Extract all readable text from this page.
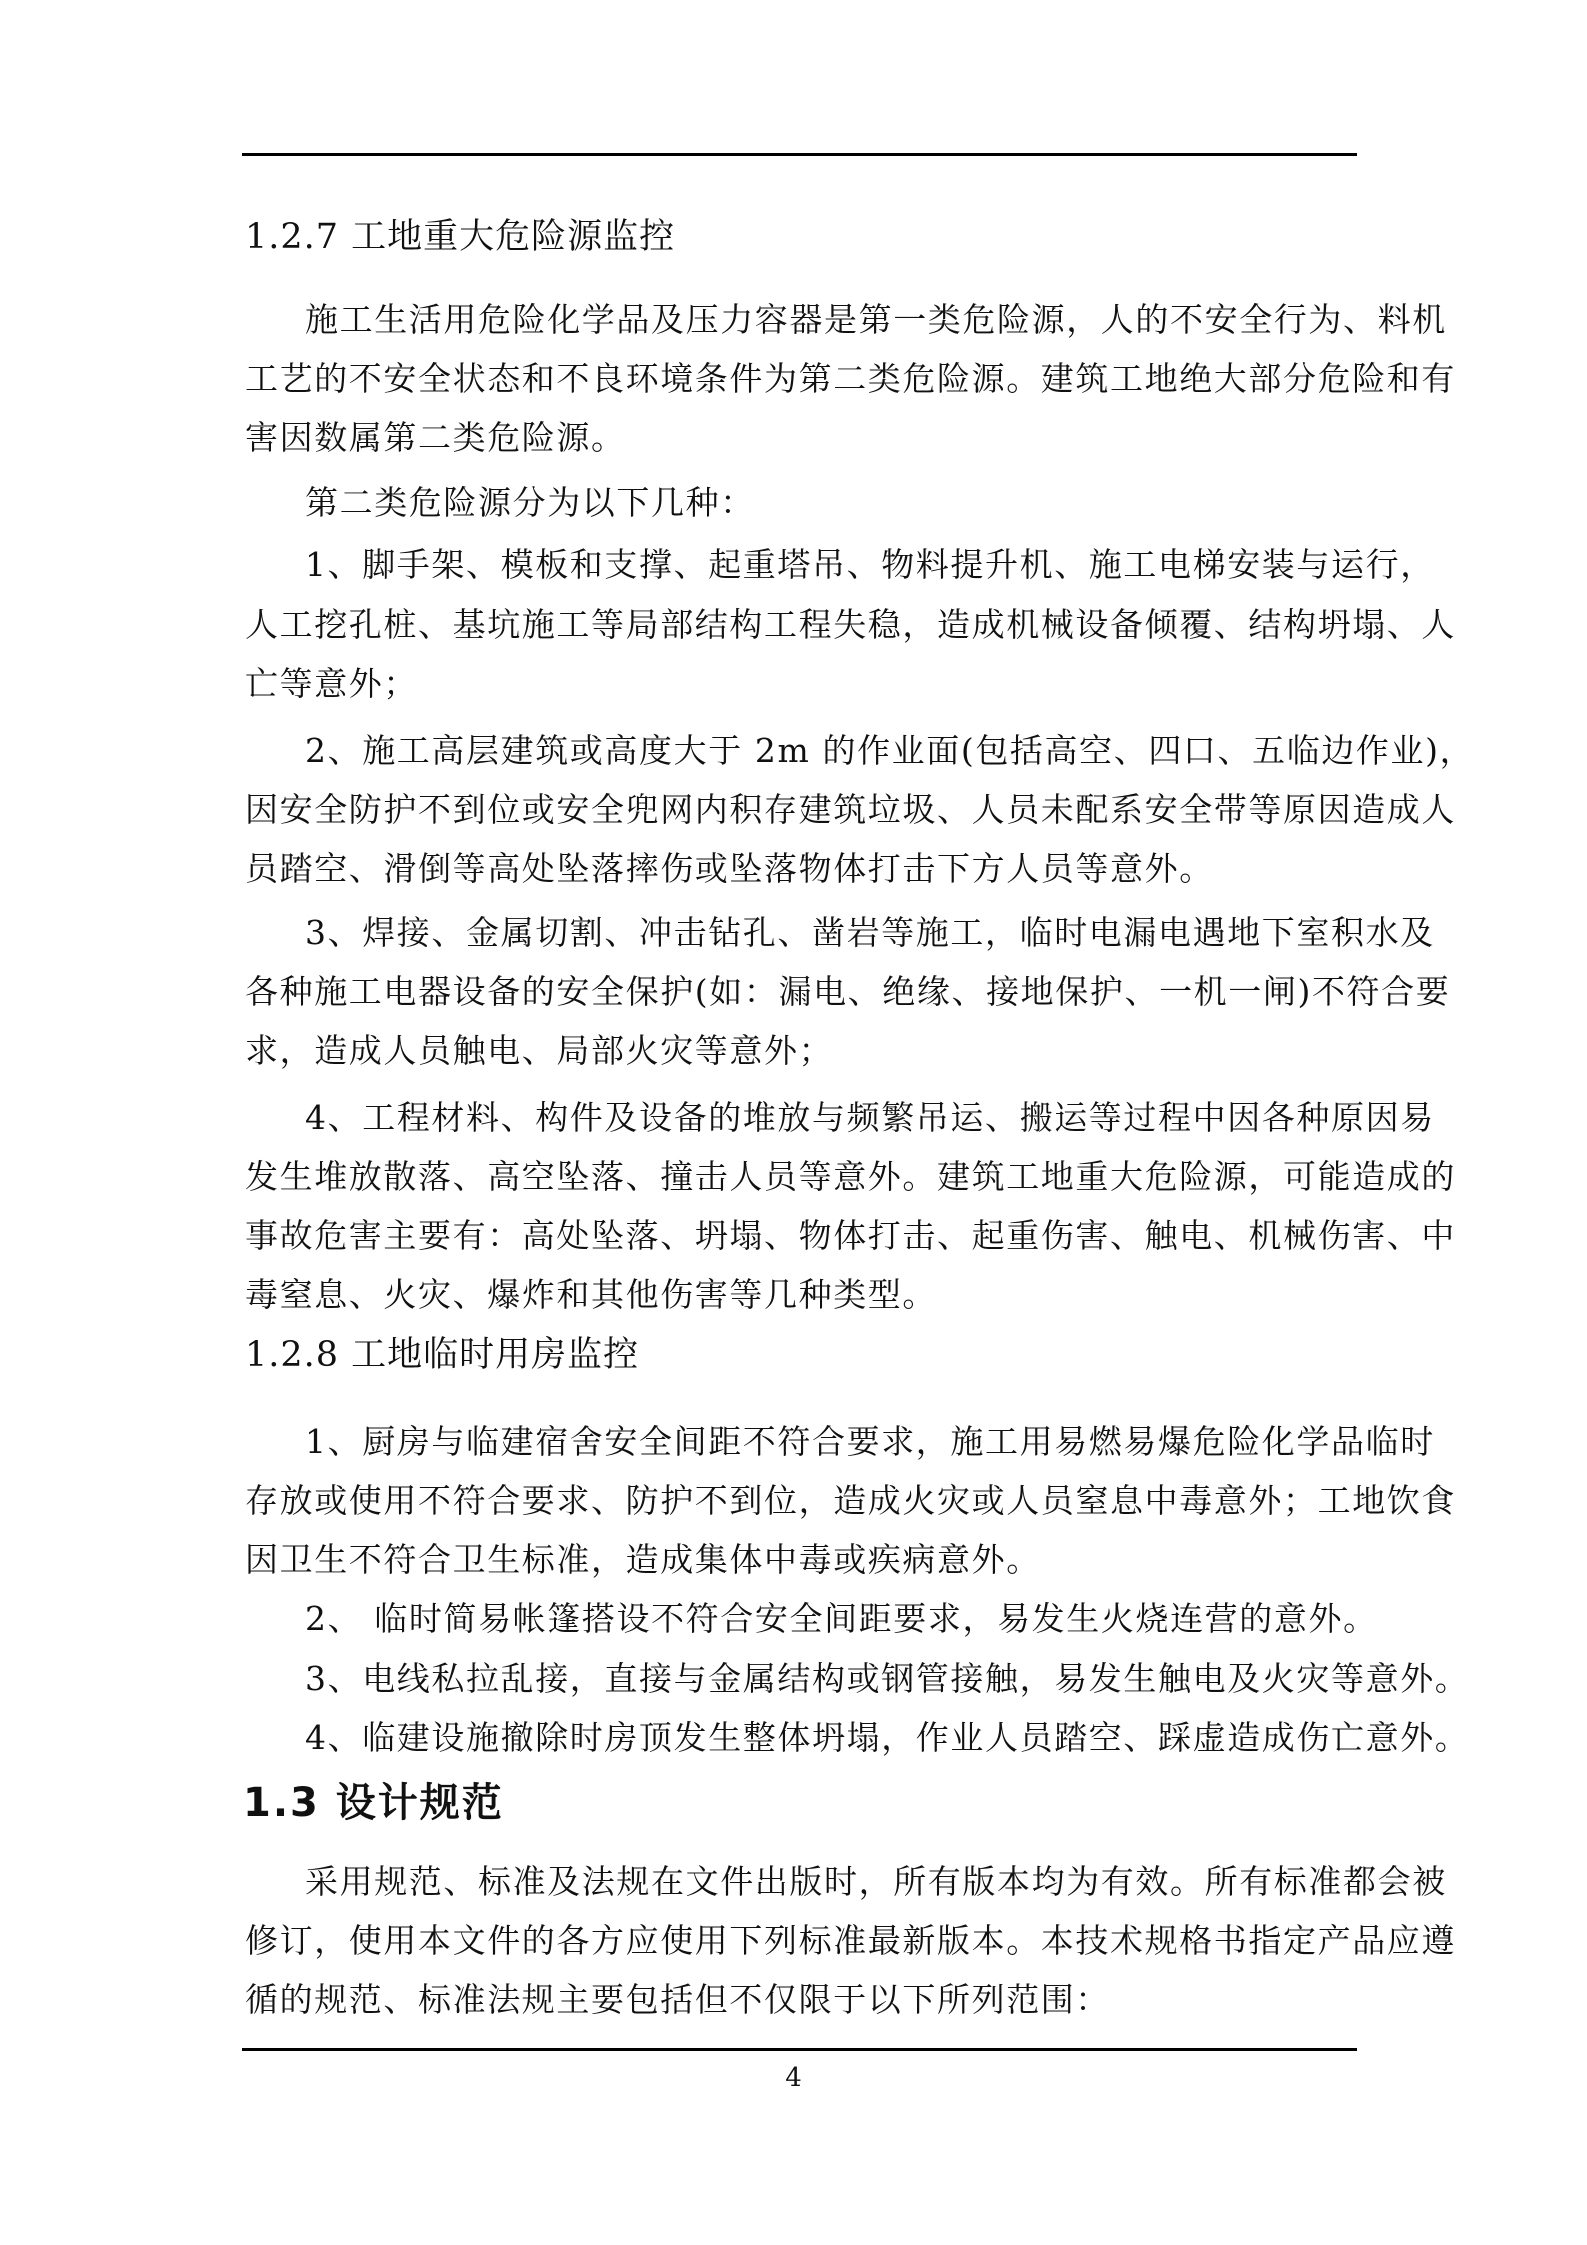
1.2.7 工地重大危险源监控
施工生活用危险化学品及压力容器是第一类危险源，人的不安全行为、料机
工艺的不安全状态和不良环境条件为第二类危险源。建筑工地绝大部分危险和有
害因数属第二类危险源。
第二类危险源分为以下几种：
1、脚手架、模板和支撑、起重塔吊、物料提升机、施工电梯安装与运行，
人工挖孔桩、基坑施工等局部结构工程失稳，造成机械设备倾覆、结构坍塌、人
亡等意外；
2、施工高层建筑或高度大于 2m 的作业面(包括高空、四口、五临边作业)，
因安全防护不到位或安全兜网内积存建筑垃圾、人员未配系安全带等原因造成人
员踏空、滑倒等高处坠落摔伤或坠落物体打击下方人员等意外。
3、焊接、金属切割、冲击钻孔、凿岩等施工，临时电漏电遇地下室积水及
各种施工电器设备的安全保护(如：漏电、绝缘、接地保护、一机一闸)不符合要
求，造成人员触电、局部火灾等意外；
4、工程材料、构件及设备的堆放与频繁吊运、搬运等过程中因各种原因易
发生堆放散落、高空坠落、撞击人员等意外。建筑工地重大危险源，可能造成的
事故危害主要有：高处坠落、坍塌、物体打击、起重伤害、触电、机械伤害、中
毒窒息、火灾、爆炸和其他伤害等几种类型。
1.2.8 工地临时用房监控
1、厨房与临建宿舍安全间距不符合要求，施工用易燃易爆危险化学品临时
存放或使用不符合要求、防护不到位，造成火灾或人员窒息中毒意外；工地饮食
因卫生不符合卫生标准，造成集体中毒或疾病意外。
2、 临时简易帐篷搭设不符合安全间距要求，易发生火烧连营的意外。
3、电线私拉乱接，直接与金属结构或钢管接触，易发生触电及火灾等意外。
4、临建设施撤除时房顶发生整体坍塌，作业人员踏空、踩虚造成伤亡意外。
1.3 设计规范
采用规范、标准及法规在文件出版时，所有版本均为有效。所有标准都会被
修订，使用本文件的各方应使用下列标准最新版本。本技术规格书指定产品应遵
循的规范、标准法规主要包括但不仅限于以下所列范围：
4
